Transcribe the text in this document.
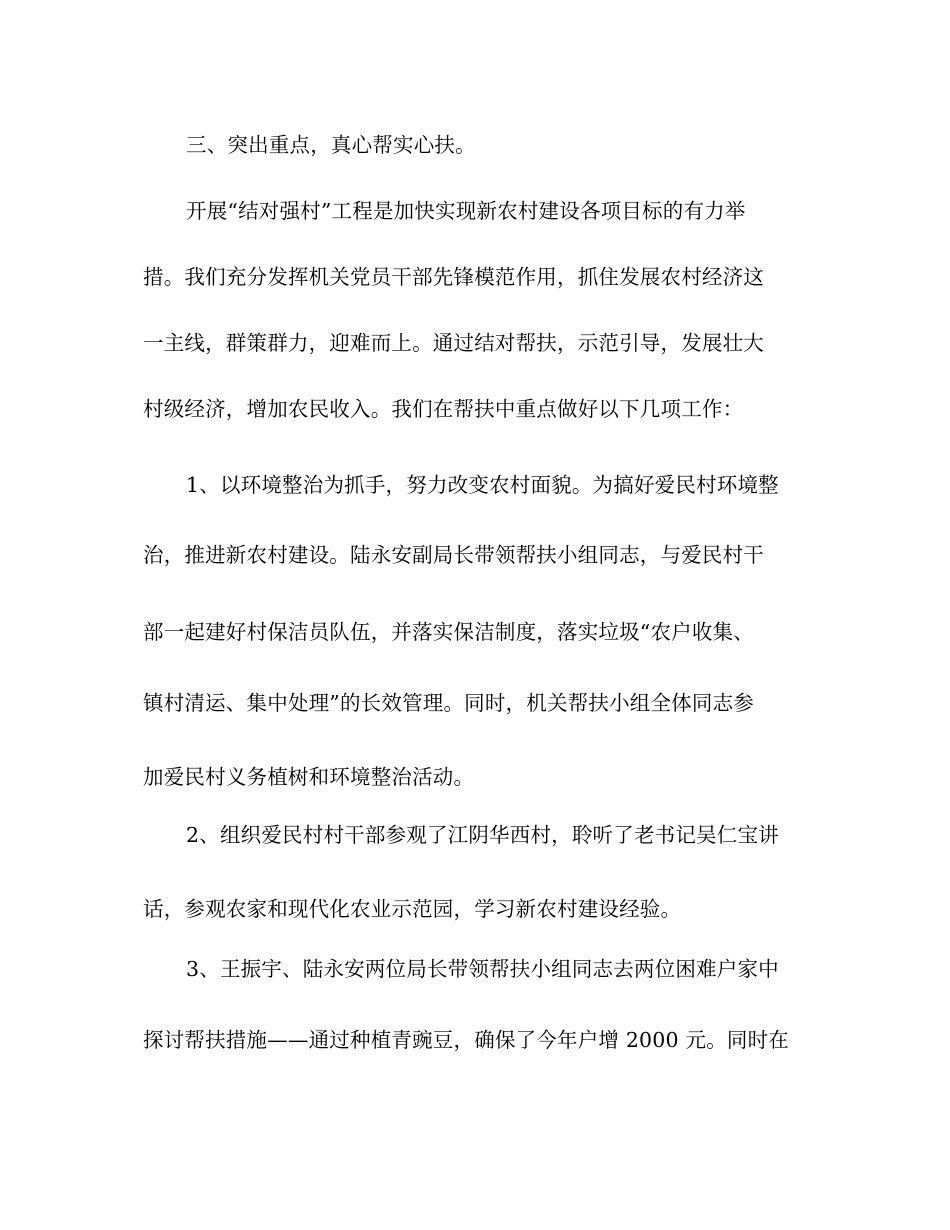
三、突出重点，真心帮实心扶。
开展“结对强村”工程是加快实现新农村建设各项目标的有力举
措。我们充分发挥机关党员干部先锋模范作用，抓住发展农村经济这
一主线，群策群力，迎难而上。通过结对帮扶，示范引导，发展壮大
村级经济，增加农民收入。我们在帮扶中重点做好以下几项工作：
1、以环境整治为抓手，努力改变农村面貌。为搞好爱民村环境整
治，推进新农村建设。陆永安副局长带领帮扶小组同志，与爱民村干
部一起建好村保洁员队伍，并落实保洁制度，落实垃圾“农户收集、
镇村清运、集中处理”的长效管理。同时，机关帮扶小组全体同志参
加爱民村义务植树和环境整治活动。
2、组织爱民村村干部参观了江阴华西村，聆听了老书记吴仁宝讲
话，参观农家和现代化农业示范园，学习新农村建设经验。
3、王振宇、陆永安两位局长带领帮扶小组同志去两位困难户家中
探讨帮扶措施——通过种植青豌豆，确保了今年户增 2000 元。同时在
